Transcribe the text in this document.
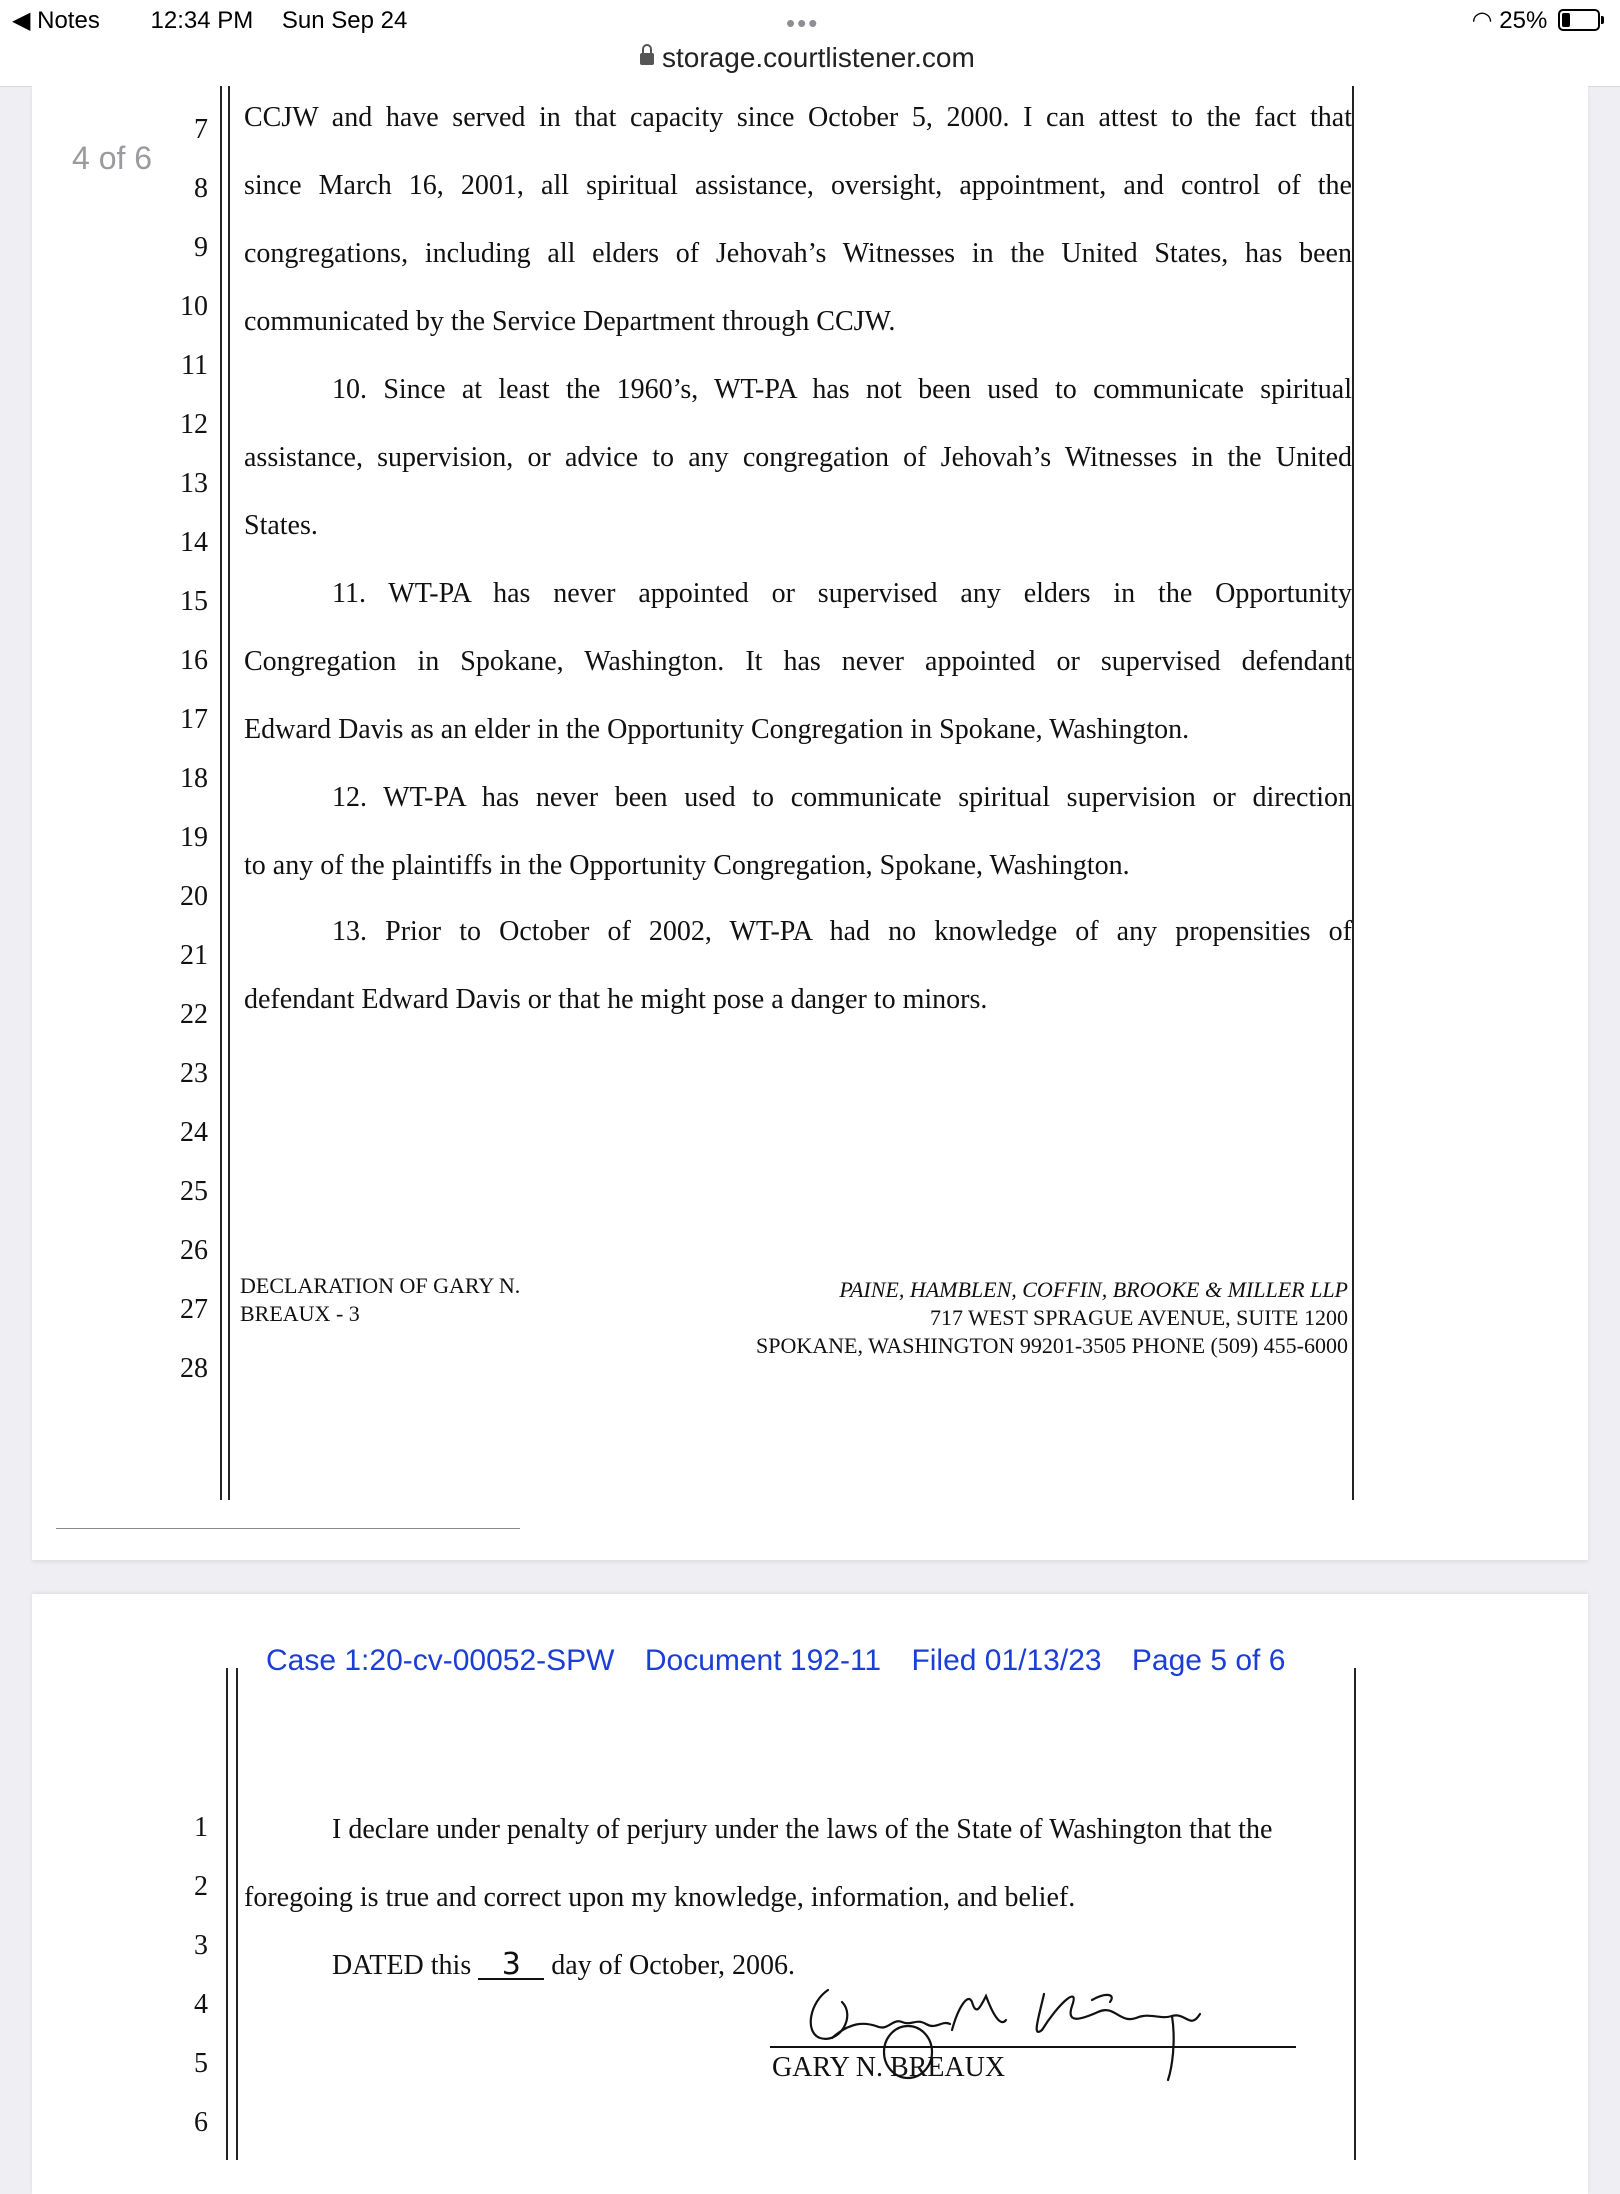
◀ Notes 12:34 PM Sun Sep 24	•••	◠ 25%
storage.courtlistener.com
4 of 6
7
8
9
10
11
12
13
14
15
16
17
18
19
20
21
22
23
24
25
26
27
28
CCJW and have served in that capacity since October 5, 2000. I can attest to the fact that
since March 16, 2001, all spiritual assistance, oversight, appointment, and control of the
congregations, including all elders of Jehovah’s Witnesses in the United States, has been
communicated by the Service Department through CCJW.
10. Since at least the 1960’s, WT-PA has not been used to communicate spiritual
assistance, supervision, or advice to any congregation of Jehovah’s Witnesses in the United
States.
11. WT-PA has never appointed or supervised any elders in the Opportunity
Congregation in Spokane, Washington. It has never appointed or supervised defendant
Edward Davis as an elder in the Opportunity Congregation in Spokane, Washington.
12. WT-PA has never been used to communicate spiritual supervision or direction
to any of the plaintiffs in the Opportunity Congregation, Spokane, Washington.
13. Prior to October of 2002, WT-PA had no knowledge of any propensities of
defendant Edward Davis or that he might pose a danger to minors.
DECLARATION OF GARY N.
BREAUX - 3
PAINE, HAMBLEN, COFFIN, BROOKE & MILLER LLP
717 WEST SPRAGUE AVENUE, SUITE 1200
SPOKANE, WASHINGTON 99201-3505 PHONE (509) 455-6000
Case 1:20-cv-00052-SPW Document 192-11 Filed 01/13/23 Page 5 of 6
1
2
3
4
5
6
I declare under penalty of perjury under the laws of the State of Washington that the
foregoing is true and correct upon my knowledge, information, and belief.
DATED this 3 day of October, 2006.
GARY N. BREAUX
